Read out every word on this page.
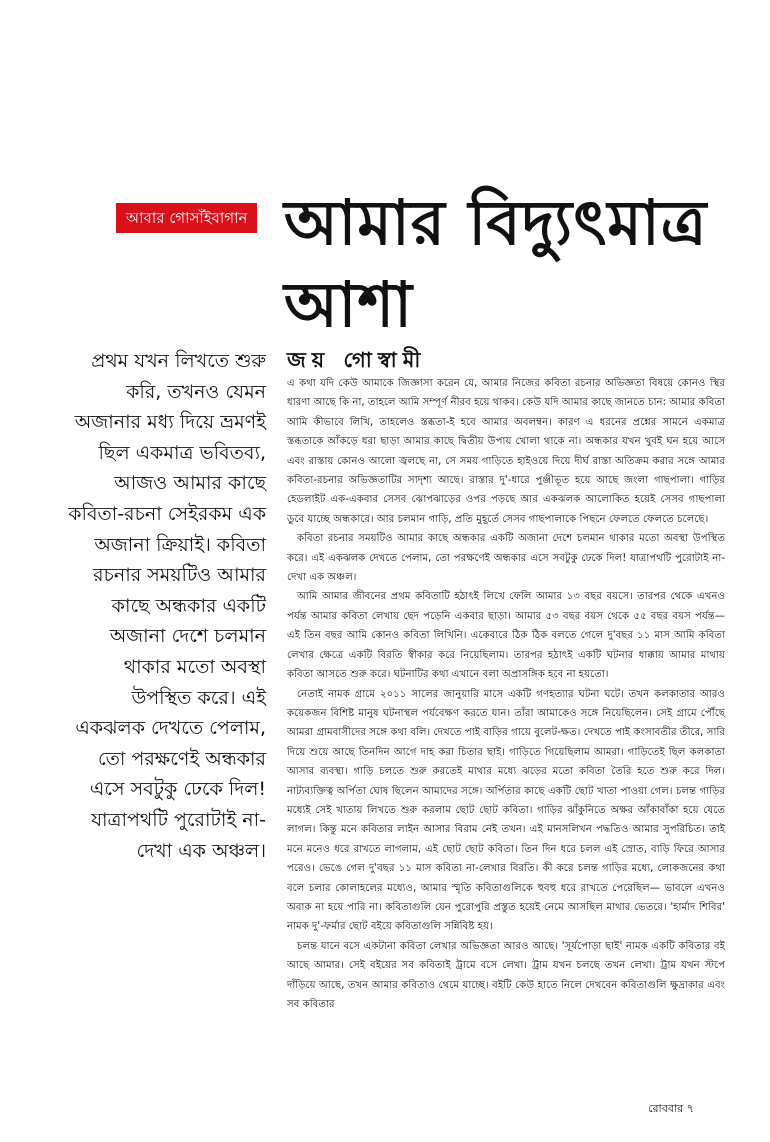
আবার গোসাঁইবাগান আমার বিদ্যুৎমাত্র আশা
প্রথম যখন লিখতে শুরু করি, তখনও যেমন অজানার মধ্য দিয়ে ভ্রমণই ছিল একমাত্র ভবিতব্য, আজও আমার কাছে কবিতা-রচনা সেইরকম এক অজানা ক্রিয়াই। কবিতা রচনার সময়টিও আমার কাছে অন্ধকার একটি অজানা দেশে চলমান থাকার মতো অবস্থা উপস্থিত করে। এই একঝলক দেখতে পেলাম, তো পরক্ষণেই অন্ধকার এসে সবটুকু ঢেকে দিল! যাত্রাপথটি পুরোটাই না-দেখা এক অঞ্চল।
জয় গোস্বামী

এ কথা যদি কেউ আমাকে জিজ্ঞাসা করেন যে, আমার নিজের কবিতা রচনার অভিজ্ঞতা বিষয়ে কোনও স্থির ধারণা আছে কি না, তাহলে আমি সম্পূর্ণ নীরব হয়ে থাকব। কেউ যদি আমার কাছে জানতে চান: আমার কবিতা আমি কীভাবে লিখি, তাহলেও স্তব্ধতা-ই হবে আমার অবলম্বন। কারণ এ ধরনের প্রশ্নের সামনে একমাত্র স্তব্ধতাকে আঁকড়ে ধরা ছাড়া আমার কাছে দ্বিতীয় উপায় খোলা থাকে না। অন্ধকার যখন খুবই ঘন হয়ে আসে এবং রাস্তায় কোনও আলো জ্বলছে না, সে সময় গাড়িতে হাইওয়ে দিয়ে দীর্ঘ রাস্তা অতিক্রম করার সঙ্গে আমার কবিতা-রচনার অভিজ্ঞতাটির সাদৃশ্য আছে। রাস্তার দু'-ধারে পুঞ্জীভূত হয়ে আছে জংলা গাছপালা। গাড়ির হেডলাইট এক-একবার সেসব ঝোপঝাড়ের ওপর পড়ছে আর একঝলক আলোকিত হয়েই সেসব গাছপালা ডুবে যাচ্ছে অন্ধকারে। আর চলমান গাড়ি, প্রতি মুহূর্তে সেসব গাছপালাকে পিছনে ফেলতে ফেলতে চলেছে।

কবিতা রচনার সময়টিও আমার কাছে অন্ধকার একটি অজানা দেশে চলমান থাকার মতো অবস্থা উপস্থিত করে। এই একঝলক দেখতে পেলাম, তো পরক্ষণেই অন্ধকার এসে সবটুকু ঢেকে দিল! যাত্রাপথটি পুরোটাই না-দেখা এক অঞ্চল।

আমি আমার জীবনের প্রথম কবিতাটি হঠাৎই লিখে ফেলি আমার ১৩ বছর বয়সে। তারপর থেকে এখনও পর্যন্ত আমার কবিতা লেখায় ছেদ পড়েনি একবার ছাড়া। আমার ৫৩ বছর বয়স থেকে ৫৫ বছর বয়স পর্যন্ত— এই তিন বছর আমি কোনও কবিতা লিখিনি। একেবারে ঠিক ঠিক বলতে গেলে দু'বছর ১১ মাস আমি কবিতা লেখার ক্ষেত্রে একটি বিরতি স্বীকার করে নিয়েছিলাম। তারপর হঠাৎই একটি ঘটনার ধাক্কায় আমার মাথায় কবিতা আসতে শুরু করে। ঘটনাটির কথা এখানে বলা অপ্রাসঙ্গিক হবে না হয়তো।

নেতাই নামক গ্রামে ২০১১ সালের জানুয়ারি মাসে একটি গণহত্যার ঘটনা ঘটে। তখন কলকাতার আরও কয়েকজন বিশিষ্ট মানুষ ঘটনাস্থল পর্যবেক্ষণ করতে যান। তাঁরা আমাকেও সঙ্গে নিয়েছিলেন। সেই গ্রামে পৌঁছে আমরা গ্রামবাসীদের সঙ্গে কথা বলি। দেখতে পাই বাড়ির গায়ে বুলেট-ক্ষত। দেখতে পাই কংসাবতীর তীরে, সারি দিয়ে শুয়ে আছে তিনদিন আগে দাহ করা চিতার ছাই। গাড়িতে গিয়েছিলাম আমরা। গাড়িতেই ছিল কলকাতা আসার ব্যবস্থা। গাড়ি চলতে শুরু করতেই মাথার মধ্যে ঝড়ের মতো কবিতা তৈরি হতে শুরু করে দিল। নাট্যব্যক্তিত্ব অর্পিতা ঘোষ ছিলেন আমাদের সঙ্গে। অর্পিতার কাছে একটি ছোট খাতা পাওয়া গেল। চলন্ত গাড়ির মধ্যেই সেই খাতায় লিখতে শুরু করলাম ছোট ছোট কবিতা। গাড়ির ঝাঁকুনিতে অক্ষর আঁকাবাঁকা হয়ে যেতে লাগল। কিন্তু মনে কবিতার লাইন আসার বিরাম নেই তখন। এই মানসলিখন পদ্ধতিও আমার সুপরিচিত। তাই মনে মনেও ধরে রাখতে লাগলাম, এই ছোট ছোট কবিতা। তিন দিন ধরে চলল এই স্রোত, বাড়ি ফিরে আসার পরেও। ভেঙে গেল দু'বছর ১১ মাস কবিতা না-লেখার বিরতি। কী করে চলন্ত গাড়ির মধ্যে, লোকজনের কথা বলে চলার কোলাহলের মধ্যেও, আমার স্মৃতি কবিতাগুলিকে হুবহু ধরে রাখতে পেরেছিল— ভাবলে এখনও অবাক না হয়ে পারি না। কবিতাগুলি যেন পুরোপুরি প্রস্তুত হয়েই নেমে আসছিল মাথার ভেতরে। 'হার্মাদ শিবির' নামক দু'-ফর্মার ছোট বইয়ে কবিতাগুলি সন্নিবিষ্ট হয়।

চলন্ত যানে বসে একটানা কবিতা লেখার অভিজ্ঞতা আরও আছে। 'সূর্যপোড়া ছাই' নামক একটি কবিতার বই আছে আমার। সেই বইয়ের সব কবিতাই ট্রামে বসে লেখা। ট্রাম যখন চলছে তখন লেখা। ট্রাম যখন স্টপে দাঁড়িয়ে আছে, তখন আমার কবিতাও থেমে যাচ্ছে। বইটি কেউ হাতে নিলে দেখবেন কবিতাগুলি ক্ষুদ্রাকার এবং সব কবিতার

রোববার ৭
